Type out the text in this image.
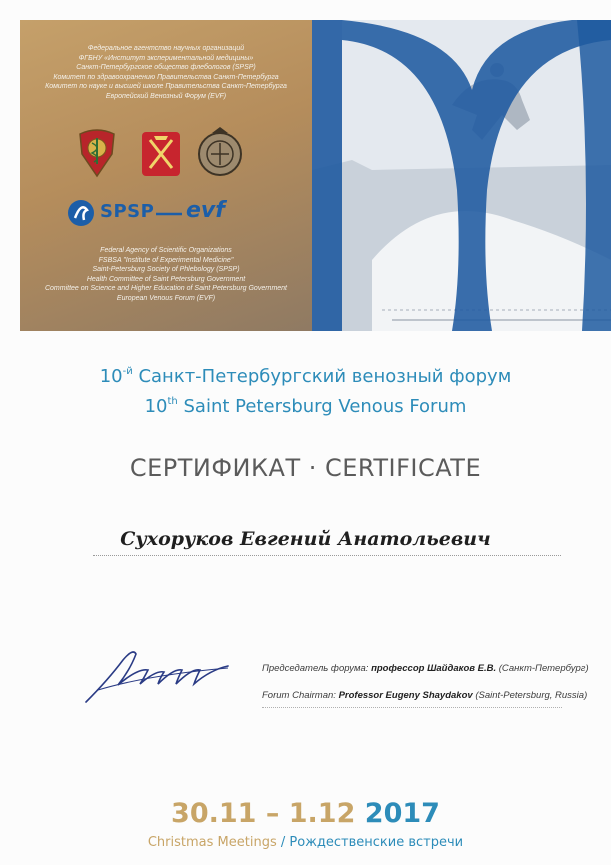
Федеральное агентство научных организаций
ФГБНУ «Институт экспериментальной медицины»
Санкт-Петербургское общество флебологов (SPSP)
Комитет по здравоохранению Правительства Санкт-Петербурга
Комитет по науке и высшей школе Правительства Санкт-Петербурга
Европейский Венозный Форум (EVF)
SPSP evf
Federal Agency of Scientific Organizations
FSBSA "Institute of Experimental Medicine"
Saint-Petersburg Society of Phlebology (SPSP)
Health Committee of Saint Petersburg Government
Committee on Science and Higher Education of Saint Petersburg Government
European Venous Forum (EVF)
$10^{-й}$ Санкт-Петербургский венозный форум
10th Saint Petersburg Venous Forum
СЕРТИФИКАТ · CERTIFICATE
Сухоруков Евгений Анатольевич
Председатель форума: профессор Шайдаков Е.В. (Санкт-Петербург)
Forum Chairman: Professor Eugeny Shaydakov (Saint-Petersburg, Russia)
30.11 – 1.12 2017
Christmas Meetings / Рождественские встречи
